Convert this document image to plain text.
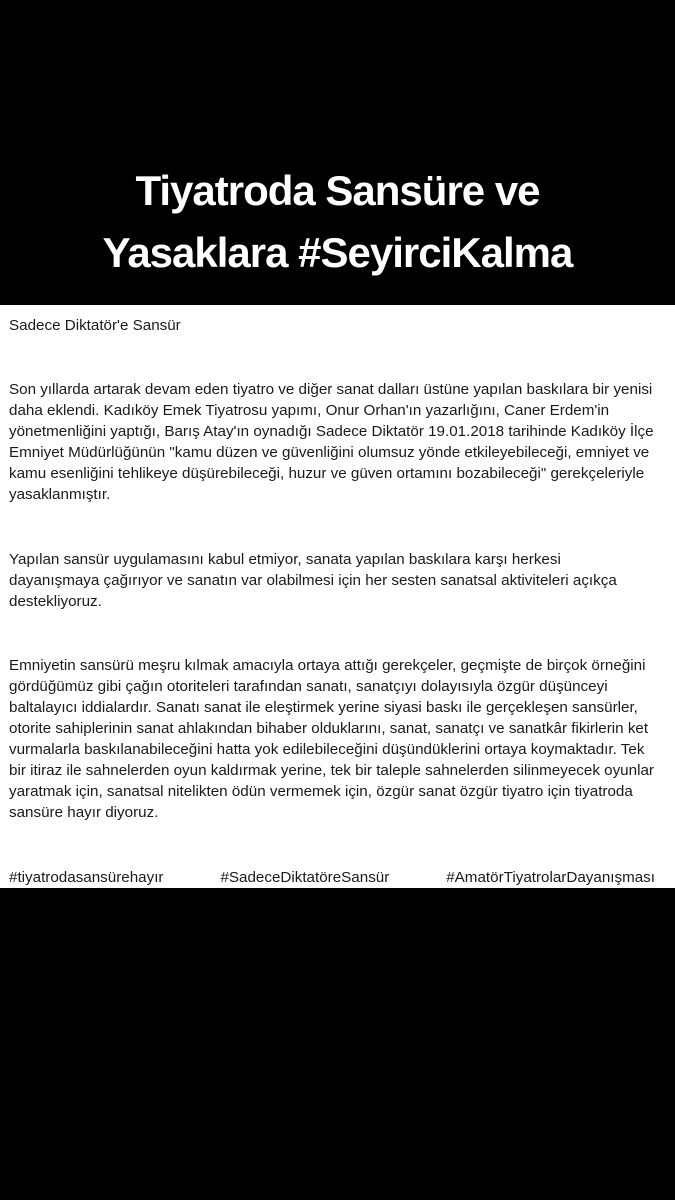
Tiyatroda Sansüre ve
Yasaklara #SeyirciKalma
Sadece Diktatör'e Sansür
Son yıllarda artarak devam eden tiyatro ve diğer sanat dalları üstüne yapılan baskılara bir yenisi daha eklendi. Kadıköy Emek Tiyatrosu yapımı, Onur Orhan'ın yazarlığını, Caner Erdem'in yönetmenliğini yaptığı, Barış Atay'ın oynadığı Sadece Diktatör 19.01.2018 tarihinde Kadıköy İlçe Emniyet Müdürlüğünün "kamu düzen ve güvenliğini olumsuz yönde etkileyebileceği, emniyet ve kamu esenliğini tehlikeye düşürebileceği, huzur ve güven ortamını bozabileceği" gerekçeleriyle yasaklanmıştır.
Yapılan sansür uygulamasını kabul etmiyor, sanata yapılan baskılara karşı herkesi dayanışmaya çağırıyor ve sanatın var olabilmesi için her sesten sanatsal aktiviteleri açıkça destekliyoruz.
Emniyetin sansürü meşru kılmak amacıyla ortaya attığı gerekçeler, geçmişte de birçok örneğini gördüğümüz gibi çağın otoriteleri tarafından sanatı, sanatçıyı dolayısıyla özgür düşünceyi baltalayıcı iddialardır. Sanatı sanat ile eleştirmek yerine siyasi baskı ile gerçekleşen sansürler, otorite sahiplerinin sanat ahlakından bihaber olduklarını, sanat, sanatçı ve sanatkâr fikirlerin ket vurmalarla baskılanabileceğini hatta yok edilebileceğini düşündüklerini ortaya koymaktadır. Tek bir itiraz ile sahnelerden oyun kaldırmak yerine, tek bir taleple sahnelerden silinmeyecek oyunlar yaratmak için, sanatsal nitelikten ödün vermemek için, özgür sanat özgür tiyatro için tiyatroda sansüre hayır diyoruz.
#tiyatrodasansürehayır	#SadeceDiktatöreSansür	#AmatörTiyatrolarDayanışması
